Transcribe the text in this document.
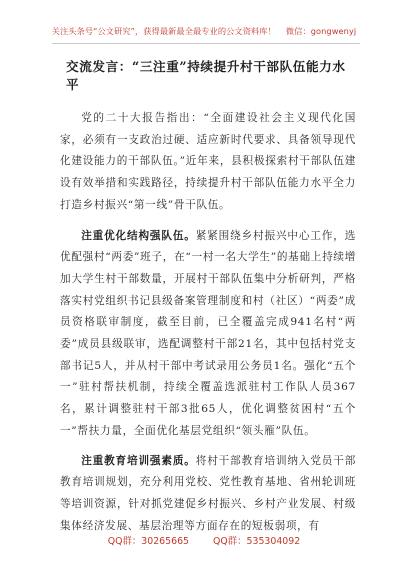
关注头条号“公文研究”，获得最新最全最专业的公文资料库！ 微信：gongwenyj
交流发言：“三注重”持续提升村干部队伍能力水平

党的二十大报告指出：“全面建设社会主义现代化国家，必须有一支政治过硬、适应新时代要求、具备领导现代化建设能力的干部队伍。”近年来，县积极探索村干部队伍建设有效举措和实践路径，持续提升村干部队伍能力水平全力打造乡村振兴“第一线”骨干队伍。

注重优化结构强队伍。紧紧围绕乡村振兴中心工作，选优配强村“两委”班子，在“一村一名大学生”的基础上持续增加大学生村干部数量，开展村干部队伍集中分析研判，严格落实村党组织书记县级备案管理制度和村（社区）“两委”成员资格联审制度，截至目前，已全覆盖完成941名村“两委”成员县级联审，选配调整村干部21名，其中包括村党支部书记5人，并从村干部中考试录用公务员1名。强化“五个一”驻村帮扶机制，持续全覆盖选派驻村工作队人员367名，累计调整驻村干部3批65人，优化调整贫困村“五个一”帮扶力量，全面优化基层党组织“领头雁”队伍。

注重教育培训强素质。将村干部教育培训纳入党员干部教育培训规划，充分利用党校、党性教育基地、省州轮训班等培训资源，针对抓党建促乡村振兴、乡村产业发展、村级集体经济发展、基层治理等方面存在的短板弱项，有

QQ群：30265665	QQ群：535304092
